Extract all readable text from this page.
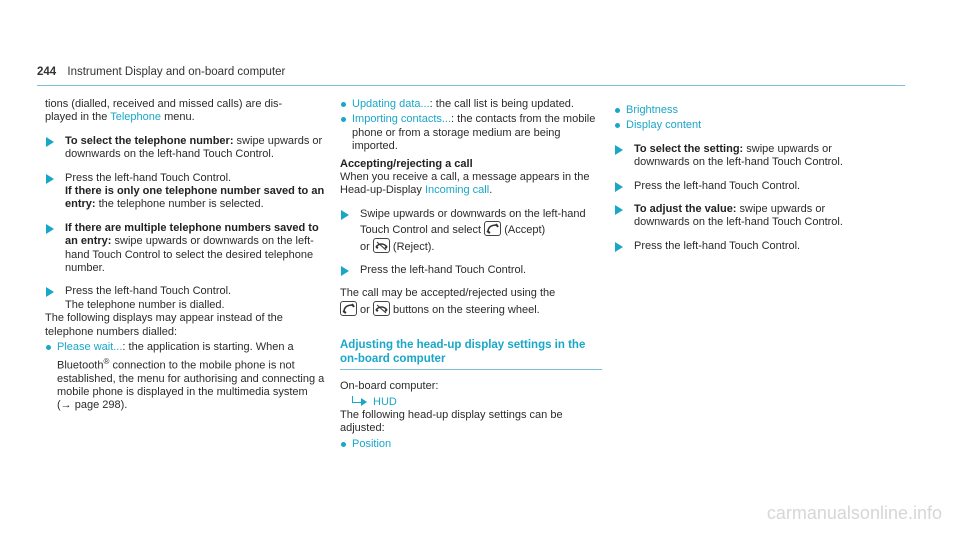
244 Instrument Display and on-board computer

tions (dialled, received and missed calls) are dis-
played in the Telephone menu.

To select the telephone number: swipe upwards or downwards on the left-hand Touch Control.
Press the left-hand Touch Control.
If there is only one telephone number saved to an entry: the telephone number is selected.
If there are multiple telephone numbers saved to an entry: swipe upwards or downwards on the left-hand Touch Control to select the desired telephone number.
Press the left-hand Touch Control.
The telephone number is dialled.

The following displays may appear instead of the telephone numbers dialled:

Please wait...: the application is starting. When a Bluetooth® connection to the mobile phone is not established, the menu for authorising and connecting a mobile phone is displayed in the multimedia system
(→ page 298).
Updating data...: the call list is being updated.
Importing contacts...: the contacts from the mobile phone or from a storage medium are being imported.

Accepting/rejecting a call

When you receive a call, a message appears in the Head-up-Display Incoming call.

Swipe upwards or downwards on the left-hand Touch Control and select
(Accept)
or
(Reject).
Press the left-hand Touch Control.

The call may be accepted/rejected using the

or
buttons on the steering wheel.

Adjusting the head-up display settings in the on-board computer

On-board computer:

HUD

The following head-up display settings can be adjusted:

Position
Brightness
Display content
To select the setting: swipe upwards or downwards on the left-hand Touch Control.
Press the left-hand Touch Control.
To adjust the value: swipe upwards or downwards on the left-hand Touch Control.
Press the left-hand Touch Control.
carmanualsonline.info
